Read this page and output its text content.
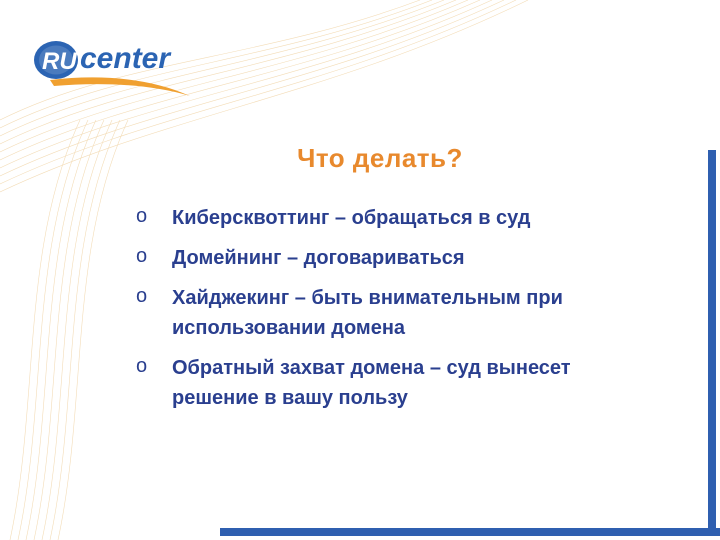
RU center
Что делать?
o Киберсквоттинг – обращаться в суд
o Домейнинг – договариваться
o Хайджекинг – быть внимательным при использовании домена
o Обратный захват домена – суд вынесет решение в вашу пользу
